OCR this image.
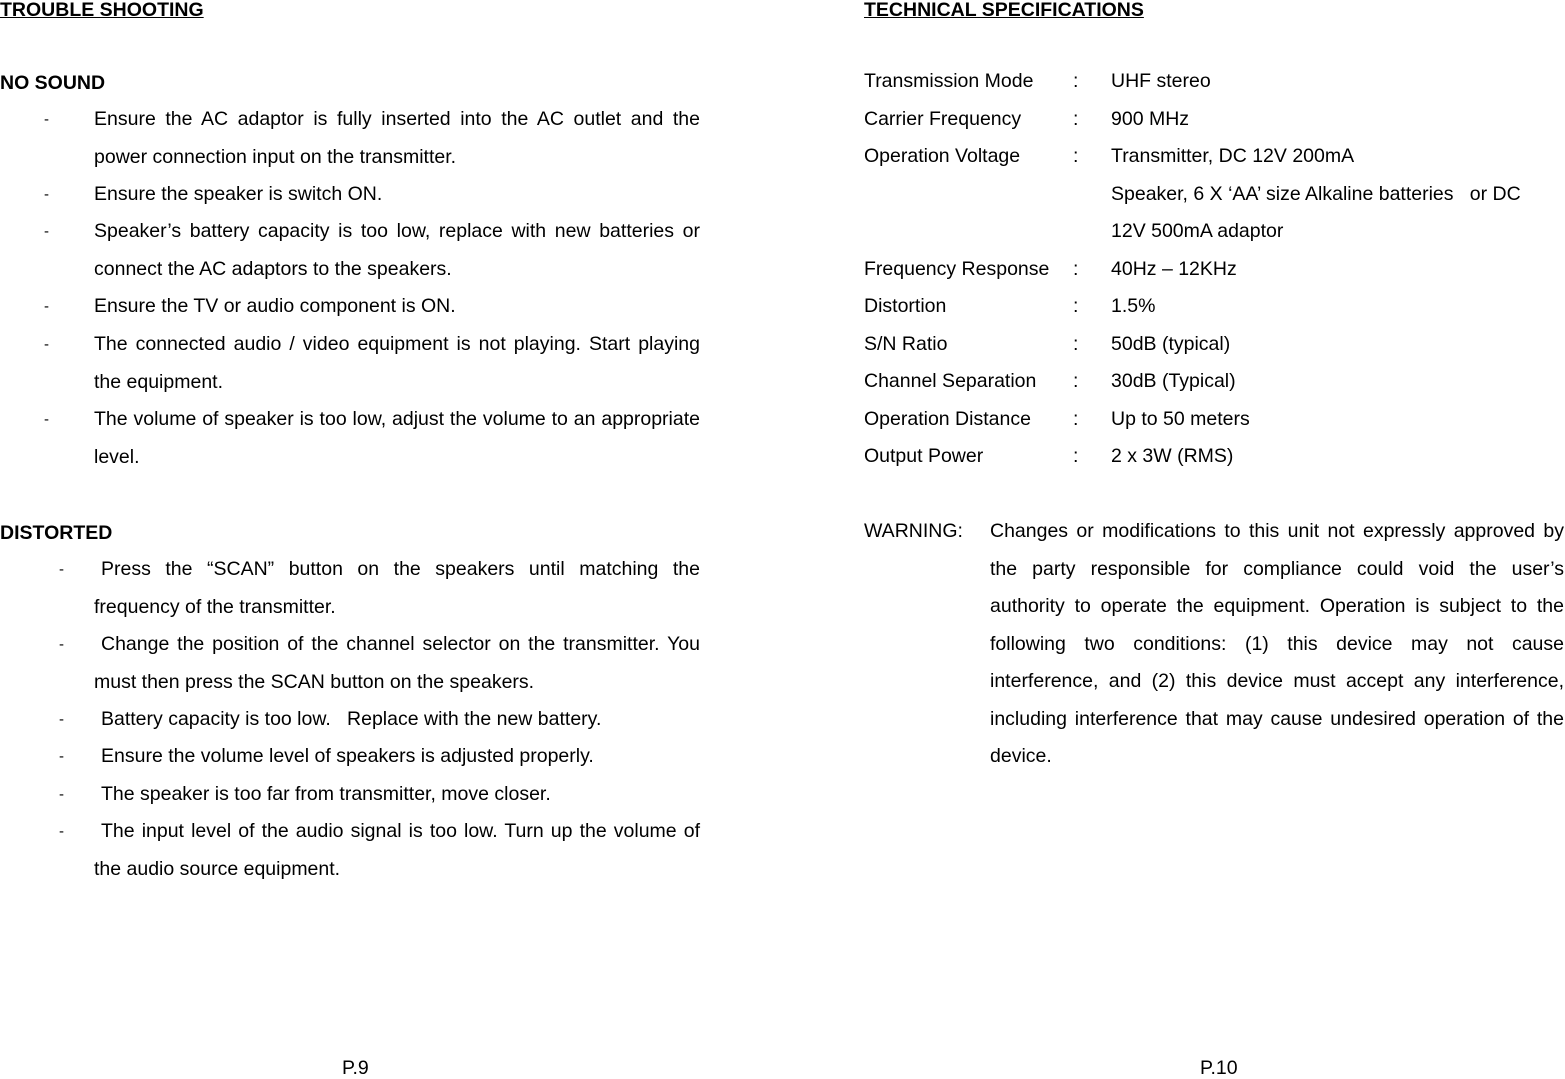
TROUBLE SHOOTING
NO SOUND
- Ensure the AC adaptor is fully inserted into the AC outlet and the power connection input on the transmitter.
- Ensure the speaker is switch ON.
- Speaker’s battery capacity is too low, replace with new batteries or connect the AC adaptors to the speakers.
- Ensure the TV or audio component is ON.
- The connected audio / video equipment is not playing. Start playing the equipment.
- The volume of speaker is too low, adjust the volume to an appropriate level.
DISTORTED
-	Press the “SCAN” button on the speakers until matching the frequency of the transmitter.
-	Change the position of the channel selector on the transmitter. You must then press the SCAN button on the speakers.
-	Battery capacity is too low.   Replace with the new battery.
-	Ensure the volume level of speakers is adjusted properly.
-	The speaker is too far from transmitter, move closer.
-	The input level of the audio signal is too low. Turn up the volume of the audio source equipment.
P.9
TECHNICAL SPECIFICATIONS
Transmission Mode : UHF stereo
Carrier Frequency	: 900 MHz
Operation Voltage	: Transmitter, DC 12V 200mA
Speaker, 6 X ‘AA’ size Alkaline batteries   or DC
12V 500mA adaptor
Frequency Response : 40Hz – 12KHz
Distortion	: 1.5%
S/N Ratio	: 50dB (typical)
Channel Separation : 30dB (Typical)
Operation Distance : Up to 50 meters
Output Power	: 2 x 3W (RMS)
WARNING: Changes or modifications to this unit not expressly approved by the party responsible for compliance could void the user’s authority to operate the equipment. Operation is subject to the following two conditions: (1) this device may not cause interference, and (2) this device must accept any interference, including interference that may cause undesired operation of the device.
P.10
